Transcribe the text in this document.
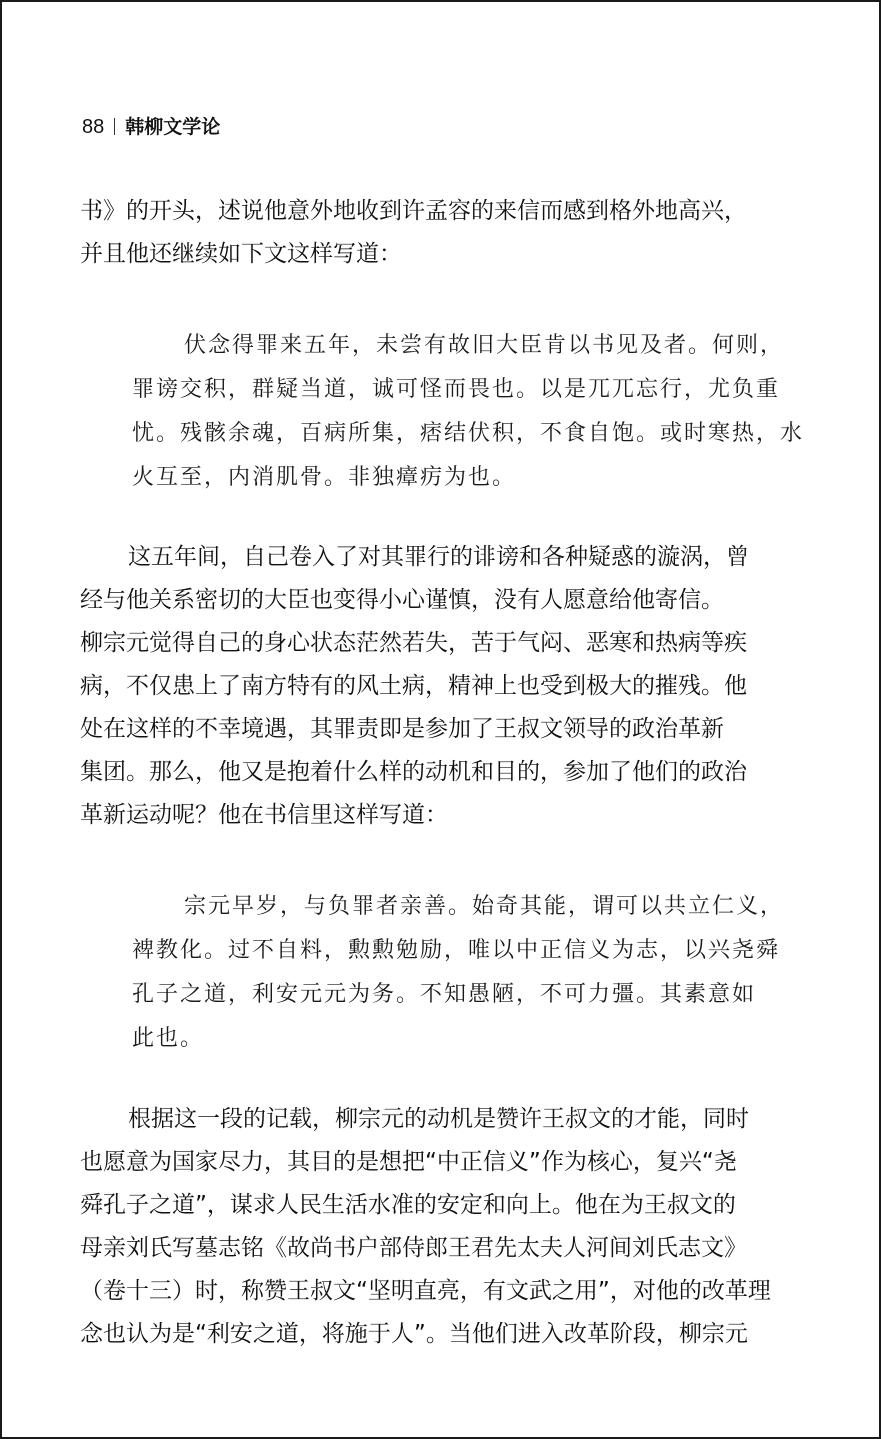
88 韩柳文学论
书》的开头，述说他意外地收到许孟容的来信而感到格外地高兴，
并且他还继续如下文这样写道：
伏念得罪来五年，未尝有故旧大臣肯以书见及者。何则，
罪谤交积，群疑当道，诚可怪而畏也。以是兀兀忘行，尤负重
忧。残骸余魂，百病所集，痞结伏积，不食自饱。或时寒热，水
火互至，内消肌骨。非独瘴疠为也。
这五年间，自己卷入了对其罪行的诽谤和各种疑惑的漩涡，曾
经与他关系密切的大臣也变得小心谨慎，没有人愿意给他寄信。
柳宗元觉得自己的身心状态茫然若失，苦于气闷、恶寒和热病等疾
病，不仅患上了南方特有的风土病，精神上也受到极大的摧残。他
处在这样的不幸境遇，其罪责即是参加了王叔文领导的政治革新
集团。那么，他又是抱着什么样的动机和目的，参加了他们的政治
革新运动呢？他在书信里这样写道：
宗元早岁，与负罪者亲善。始奇其能，谓可以共立仁义，
裨教化。过不自料，勲勲勉励，唯以中正信义为志，以兴尧舜
孔子之道，利安元元为务。不知愚陋，不可力彊。其素意如
此也。
根据这一段的记载，柳宗元的动机是赞许王叔文的才能，同时
也愿意为国家尽力，其目的是想把“中正信义”作为核心，复兴“尧
舜孔子之道”，谋求人民生活水准的安定和向上。他在为王叔文的
母亲刘氏写墓志铭《故尚书户部侍郎王君先太夫人河间刘氏志文》
（卷十三）时，称赞王叔文“坚明直亮，有文武之用”，对他的改革理
念也认为是“利安之道，将施于人”。当他们进入改革阶段，柳宗元
